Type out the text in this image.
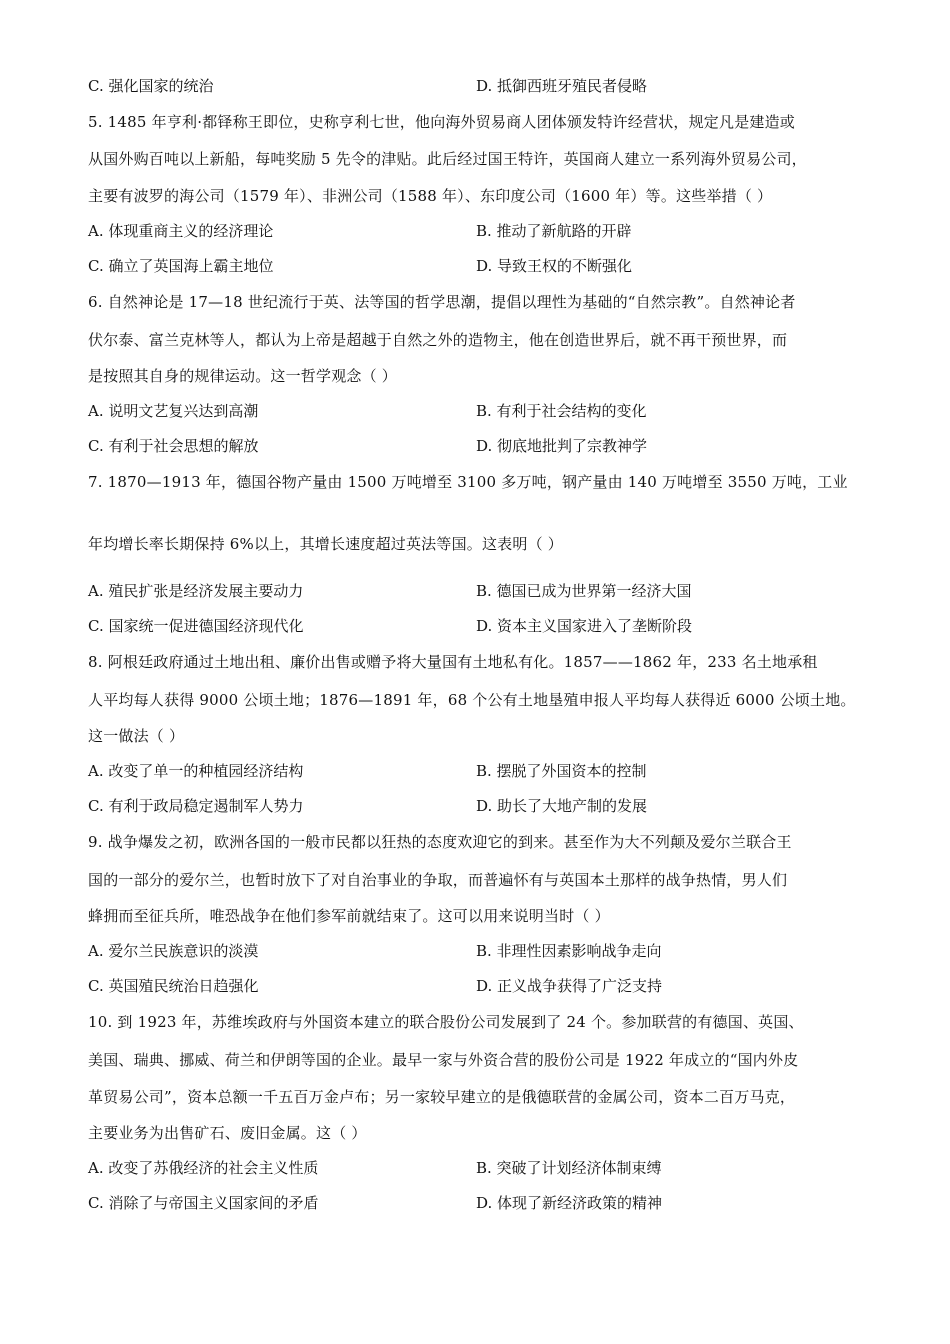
C. 强化国家的统治	D. 抵御西班牙殖民者侵略
5. 1485 年亨利·都铎称王即位，史称亨利七世，他向海外贸易商人团体颁发特许经营状，规定凡是建造或
从国外购百吨以上新船，每吨奖励 5 先令的津贴。此后经过国王特许，英国商人建立一系列海外贸易公司，
主要有波罗的海公司（1579 年）、非洲公司（1588 年）、东印度公司（1600 年）等。这些举措（ ）
A. 体现重商主义的经济理论	B. 推动了新航路的开辟
C. 确立了英国海上霸主地位	D. 导致王权的不断强化
6. 自然神论是 17—18 世纪流行于英、法等国的哲学思潮，提倡以理性为基础的“自然宗教”。自然神论者
伏尔泰、富兰克林等人，都认为上帝是超越于自然之外的造物主，他在创造世界后，就不再干预世界，而
是按照其自身的规律运动。这一哲学观念（ ）
A. 说明文艺复兴达到高潮	B. 有利于社会结构的变化
C. 有利于社会思想的解放	D. 彻底地批判了宗教神学
7. 1870—1913 年，德国谷物产量由 1500 万吨增至 3100 多万吨，钢产量由 140 万吨增至 3550 万吨，工业
年均增长率长期保持 6%以上，其增长速度超过英法等国。这表明（ ）
A. 殖民扩张是经济发展主要动力	B. 德国已成为世界第一经济大国
C. 国家统一促进德国经济现代化	D. 资本主义国家进入了垄断阶段
8. 阿根廷政府通过土地出租、廉价出售或赠予将大量国有土地私有化。1857——1862 年，233 名土地承租
人平均每人获得 9000 公顷土地；1876—1891 年，68 个公有土地垦殖申报人平均每人获得近 6000 公顷土地。
这一做法（ ）
A. 改变了单一的种植园经济结构	B. 摆脱了外国资本的控制
C. 有利于政局稳定遏制军人势力	D. 助长了大地产制的发展
9. 战争爆发之初，欧洲各国的一般市民都以狂热的态度欢迎它的到来。甚至作为大不列颠及爱尔兰联合王
国的一部分的爱尔兰，也暂时放下了对自治事业的争取，而普遍怀有与英国本土那样的战争热情，男人们
蜂拥而至征兵所，唯恐战争在他们参军前就结束了。这可以用来说明当时（ ）
A. 爱尔兰民族意识的淡漠	B. 非理性因素影响战争走向
C. 英国殖民统治日趋强化	D. 正义战争获得了广泛支持
10. 到 1923 年，苏维埃政府与外国资本建立的联合股份公司发展到了 24 个。参加联营的有德国、英国、
美国、瑞典、挪威、荷兰和伊朗等国的企业。最早一家与外资合营的股份公司是 1922 年成立的“国内外皮
革贸易公司”，资本总额一千五百万金卢布；另一家较早建立的是俄德联营的金属公司，资本二百万马克，
主要业务为出售矿石、废旧金属。这（ ）
A. 改变了苏俄经济的社会主义性质	B. 突破了计划经济体制束缚
C. 消除了与帝国主义国家间的矛盾	D. 体现了新经济政策的精神
